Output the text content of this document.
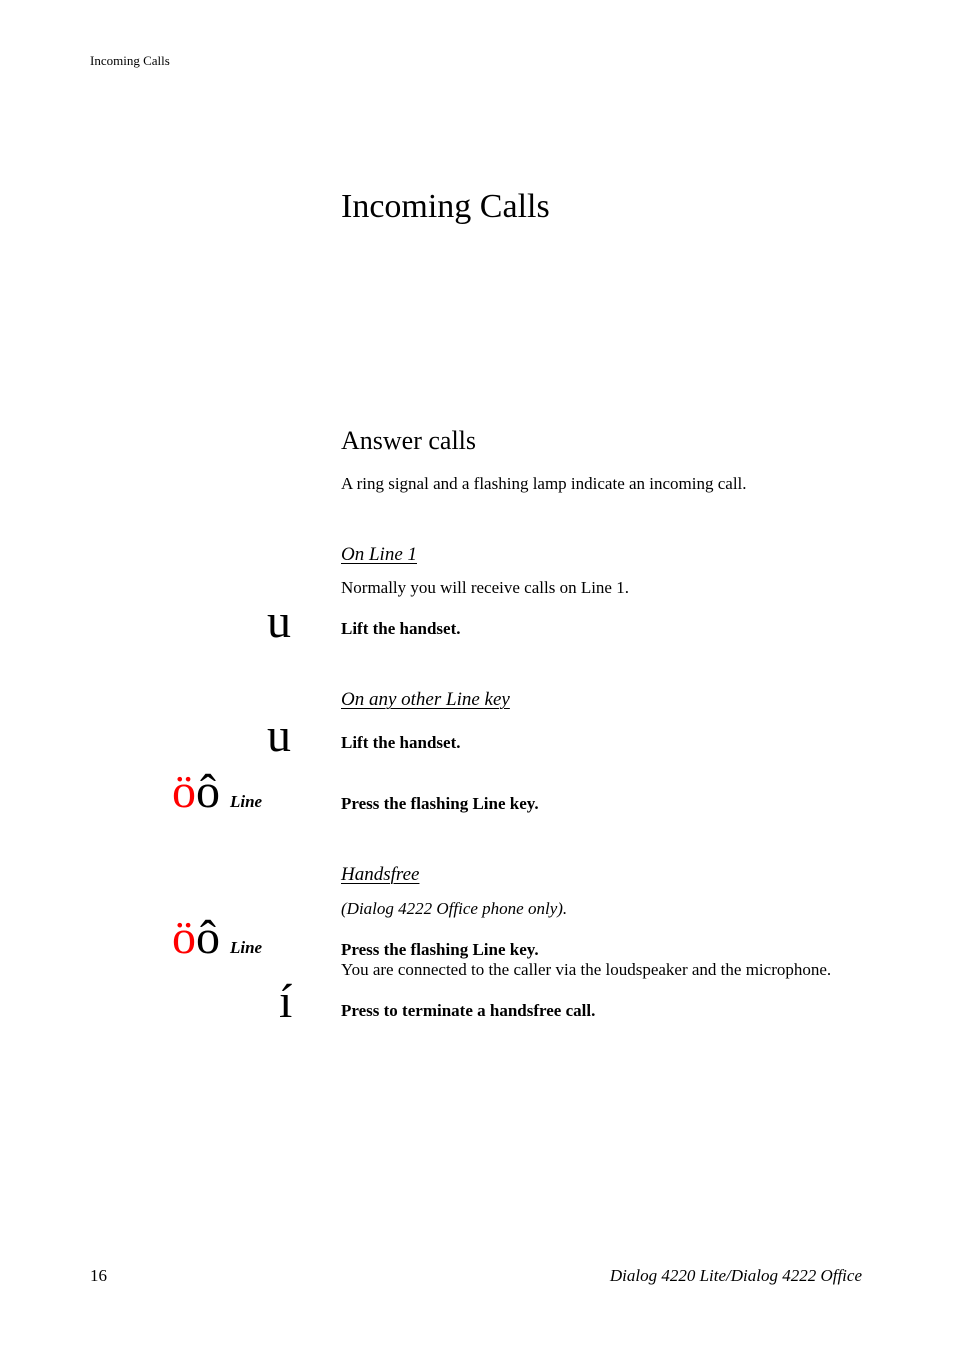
Incoming Calls
Incoming Calls
Answer calls
A ring signal and a flashing lamp indicate an incoming call.
On Line 1
Normally you will receive calls on Line 1.
u	Lift the handset.
On any other Line key
u	Lift the handset.
ö ô Line	Press the flashing Line key.
Handsfree
(Dialog 4222 Office phone only).
ö ô Line	Press the flashing Line key.
You are connected to the caller via the loudspeaker and the microphone.
í	Press to terminate a handsfree call.
16	Dialog 4220 Lite/Dialog 4222 Office
